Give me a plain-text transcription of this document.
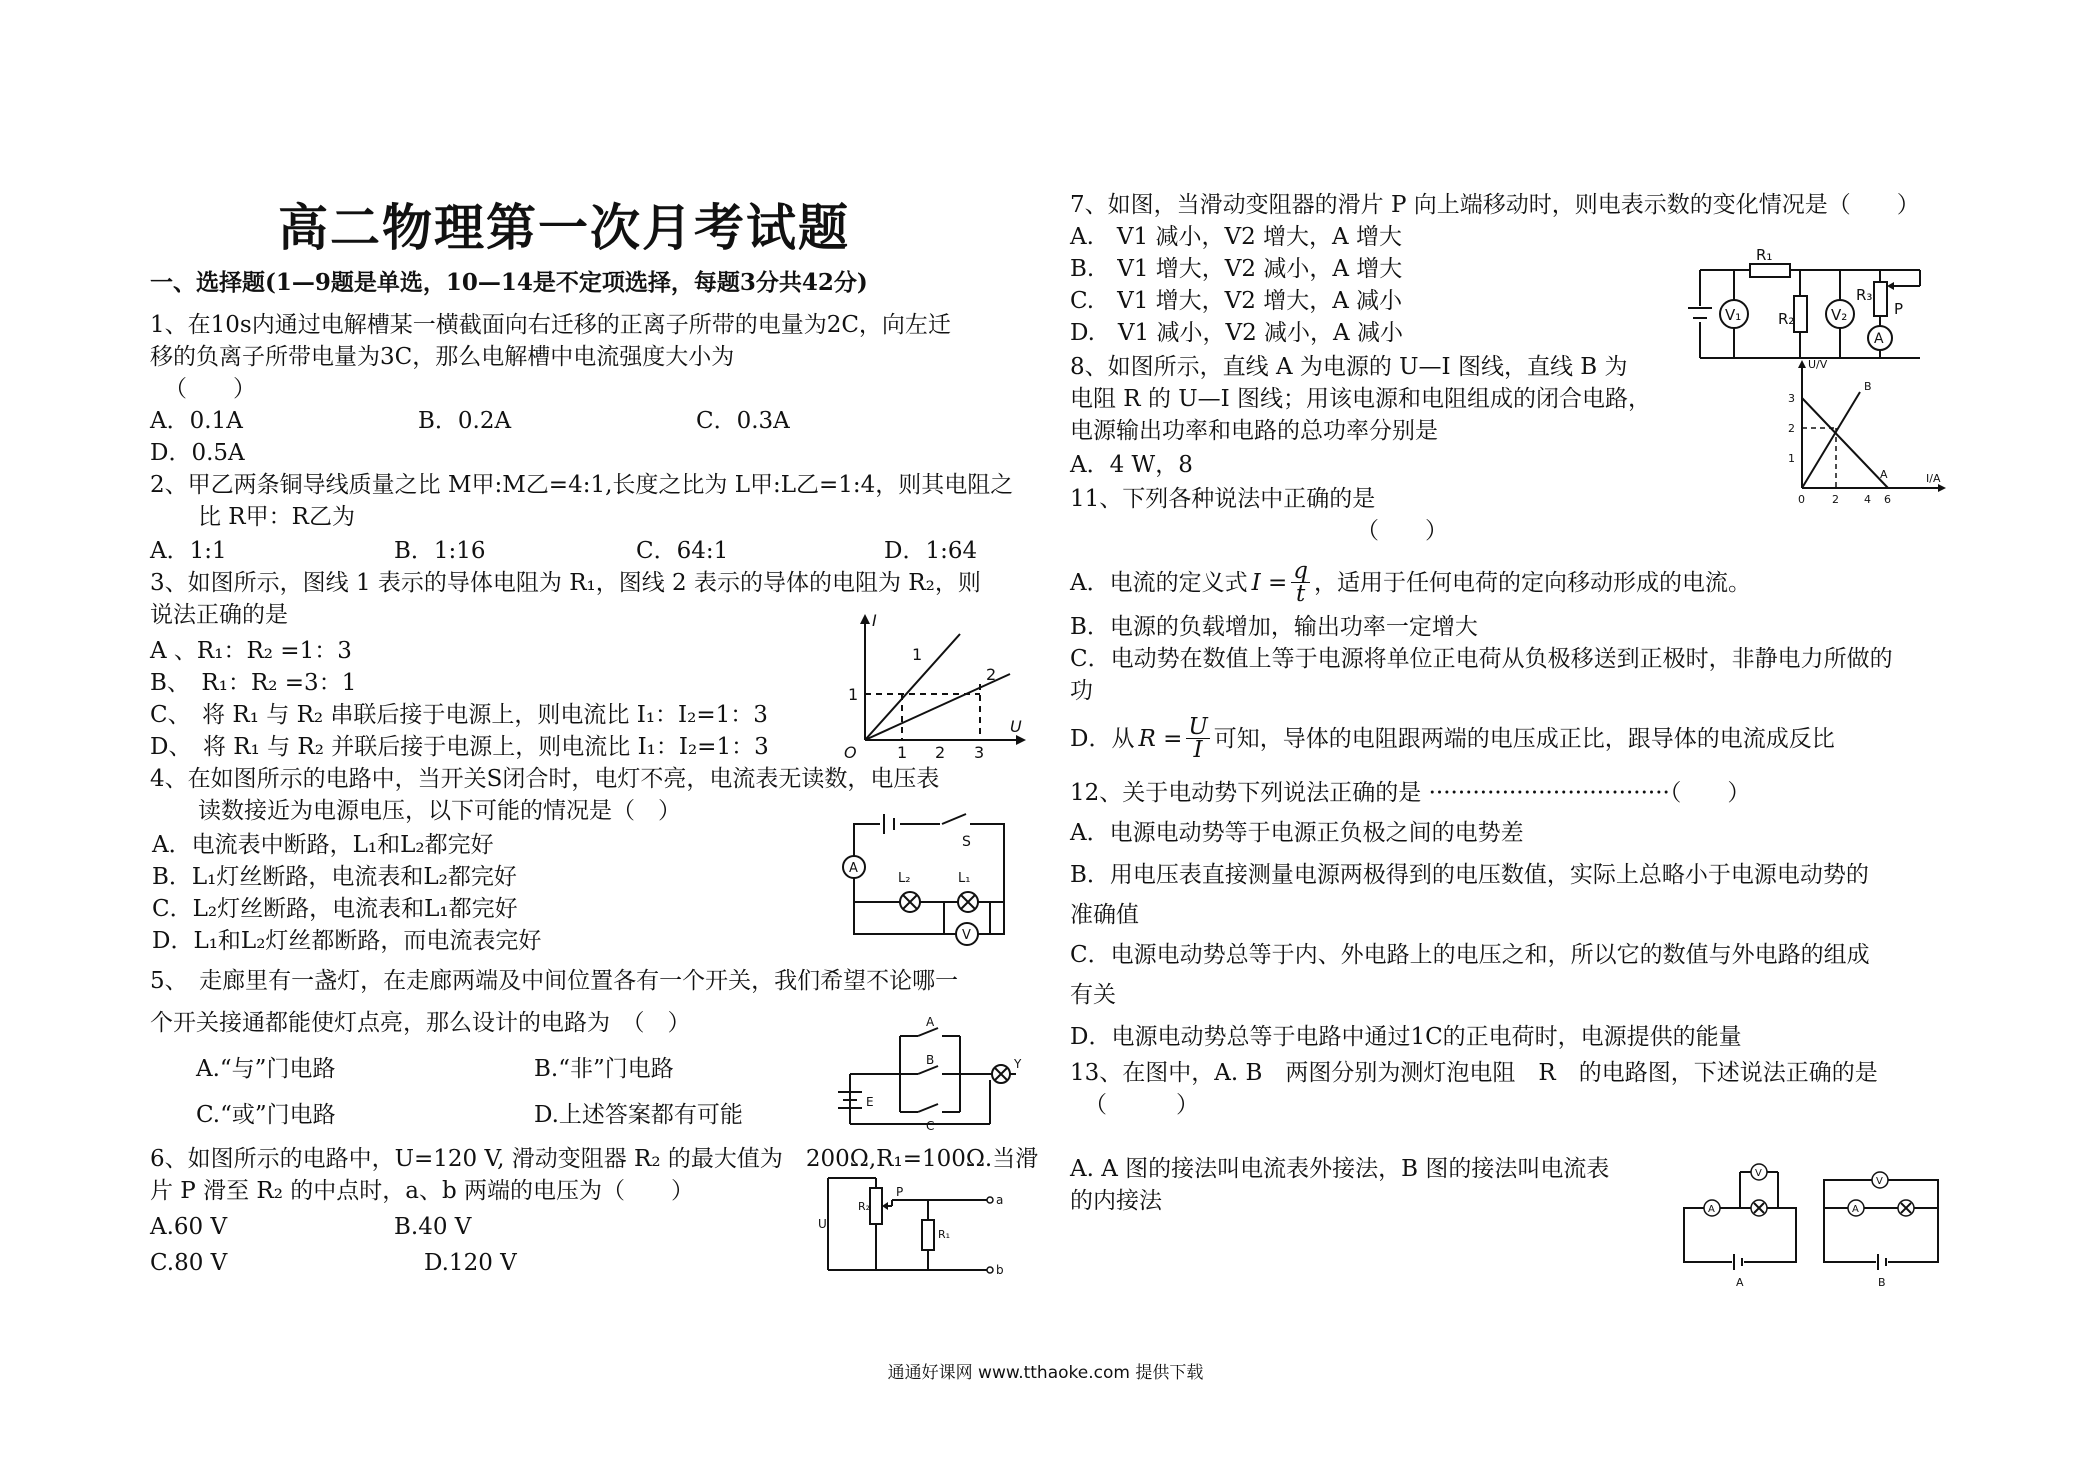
高二物理第一次月考试题
一、选择题(1—9题是单选，10—14是不定项选择，每题3分共42分)
1、在10s内通过电解槽某一横截面向右迁移的正离子所带的电量为2C，向左迁
移的负离子所带电量为3C，那么电解槽中电流强度大小为
（　　）
A．0.1A	B．0.2A	C．0.3A
D．0.5A
2、甲乙两条铜导线质量之比 M甲:M乙=4:1,长度之比为 L甲:L乙=1:4，则其电阻之
比 R甲：R乙为
A．1:1	B．1:16	C．64:1	D．1:64
3、如图所示，图线 1 表示的导体电阻为 R₁，图线 2 表示的导体的电阻为 R₂，则
说法正确的是
A 、R₁：R₂ =1：3
B、　R₁：R₂ =3：1
C、　将 R₁ 与 R₂ 串联后接于电源上，则电流比 I₁：I₂=1：3
D、　将 R₁ 与 R₂ 并联后接于电源上，则电流比 I₁：I₂=1：3	O
I
U
1
2
1
1 2 3
4、在如图所示的电路中，当开关S闭合时，电灯不亮，电流表无读数，电压表
读数接近为电源电压，以下可能的情况是（　）
A．电流表中断路，L₁和L₂都完好
B．L₁灯丝断路，电流表和L₂都完好
C．L₂灯丝断路，电流表和L₁都完好
D．L₁和L₂灯丝都断路，而电流表完好
S
A
L₂	L₁
V
5、　走廊里有一盏灯，在走廊两端及中间位置各有一个开关，我们希望不论哪一
个开关接通都能使灯点亮，那么设计的电路为　（　）
A.“与”门电路	B.“非”门电路
C.“或”门电路	D.上述答案都有可能
A
B
C
E
Y
6、如图所示的电路中，U=120 V, 滑动变阻器 R₂ 的最大值为　200Ω,R₁=100Ω.当滑
片 P 滑至 R₂ 的中点时，a、b 两端的电压为（　　）
A.60 V	B.40 V
C.80 V	D.120 V
U
R₂
P
R₁
a
b
7、如图，当滑动变阻器的滑片 P 向上端移动时，则电表示数的变化情况是（　　）
A.　V1 减小，V2 增大，A 增大
B.　V1 增大，V2 减小，A 增大
C.　V1 增大，V2 增大，A 减小
D.　V1 减小，V2 减小，A 减小
V₁	V₂
A
R₁
R₂
R₃
P
8、如图所示，直线 A 为电源的 U—I 图线，直线 B 为
电阻 R 的 U—I 图线；用该电源和电阻组成的闭合电路，
电源输出功率和电路的总功率分别是
A．4 W，8
U/V
I/A
B
A
3
2
1
0 2 4 6
11、下列各种说法中正确的是
（　　）
A．电流的定义式 $I = \frac{q}{t}$ ，适用于任何电荷的定向移动形成的电流。
B．电源的负载增加，输出功率一定增大
C．电动势在数值上等于电源将单位正电荷从负极移送到正极时，非静电力所做的
功
D．从 $R = \frac{U}{I}$ 可知，导体的电阻跟两端的电压成正比，跟导体的电流成反比
12、关于电动势下列说法正确的是 ·································（　　）
A．电源电动势等于电源正负极之间的电势差
B．用电压表直接测量电源两极得到的电压数值，实际上总略小于电源电动势的
准确值
C．电源电动势总等于内、外电路上的电压之和，所以它的数值与外电路的组成
有关
D．电源电动势总等于电路中通过1C的正电荷时，电源提供的能量
13、在图中，A. B　两图分别为测灯泡电阻　R　的电路图，下述说法正确的是
（　　　）
A. A 图的接法叫电流表外接法，B 图的接法叫电流表
的内接法
V
A
A
V
A
B
通通好课网 www.tthaoke.com 提供下载
